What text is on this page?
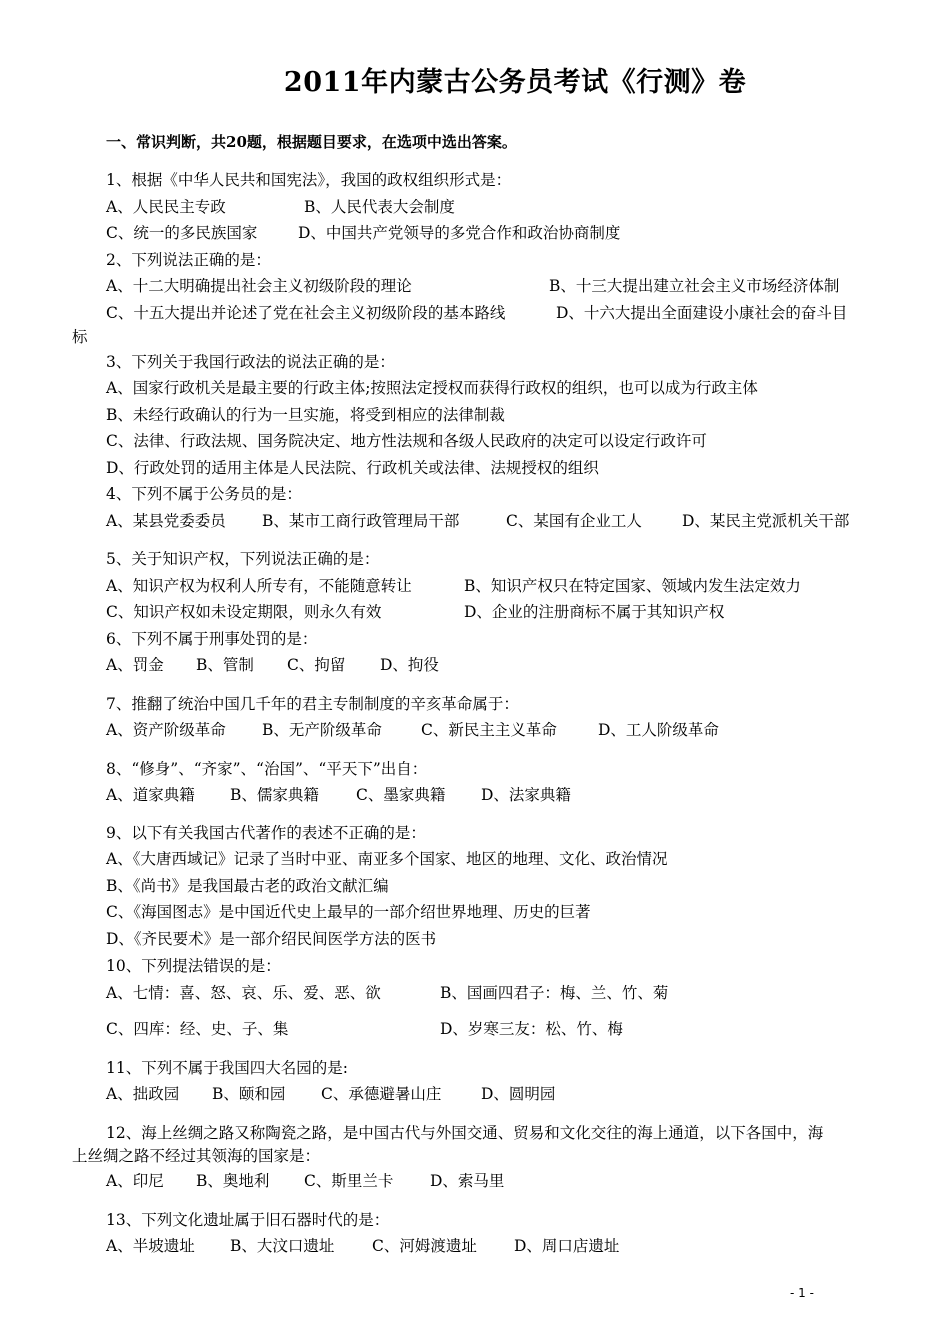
2011年内蒙古公务员考试《行测》卷
一、常识判断，共20题，根据题目要求，在选项中选出答案。
1、根据《中华人民共和国宪法》，我国的政权组织形式是：
A、人民民主专政	B、人民代表大会制度
C、统一的多民族国家	D、中国共产党领导的多党合作和政治协商制度
2、下列说法正确的是：
A、十二大明确提出社会主义初级阶段的理论	B、十三大提出建立社会主义市场经济体制
C、十五大提出并论述了党在社会主义初级阶段的基本路线	D、十六大提出全面建设小康社会的奋斗目
标
3、下列关于我国行政法的说法正确的是：
A、国家行政机关是最主要的行政主体;按照法定授权而获得行政权的组织，也可以成为行政主体
B、未经行政确认的行为一旦实施，将受到相应的法律制裁
C、法律、行政法规、国务院决定、地方性法规和各级人民政府的决定可以设定行政许可
D、行政处罚的适用主体是人民法院、行政机关或法律、法规授权的组织
4、下列不属于公务员的是：
A、某县党委委员 B、某市工商行政管理局干部	C、某国有企业工人	D、某民主党派机关干部
5、关于知识产权，下列说法正确的是：
A、知识产权为权利人所专有，不能随意转让	B、知识产权只在特定国家、领域内发生法定效力
C、知识产权如未设定期限，则永久有效	D、企业的注册商标不属于其知识产权
6、下列不属于刑事处罚的是：
A、罚金 B、管制 C、拘留 D、拘役
7、推翻了统治中国几千年的君主专制制度的辛亥革命属于：
A、资产阶级革命 B、无产阶级革命	C、新民主主义革命	D、工人阶级革命
8、“修身”、“齐家”、“治国”、“平天下”出自：
A、道家典籍 B、儒家典籍 C、墨家典籍 D、法家典籍
9、以下有关我国古代著作的表述不正确的是：
A、《大唐西域记》记录了当时中亚、南亚多个国家、地区的地理、文化、政治情况
B、《尚书》是我国最古老的政治文献汇编
C、《海国图志》是中国近代史上最早的一部介绍世界地理、历史的巨著
D、《齐民要术》是一部介绍民间医学方法的医书
10、下列提法错误的是：
A、七情：喜、怒、哀、乐、爱、恶、欲	B、国画四君子：梅、兰、竹、菊
C、四库：经、史、子、集	D、岁寒三友：松、竹、梅
11、下列不属于我国四大名园的是:
A、拙政园 B、颐和园 C、承德避暑山庄	D、圆明园
12、海上丝绸之路又称陶瓷之路，是中国古代与外国交通、贸易和文化交往的海上通道，以下各国中，海
上丝绸之路不经过其领海的国家是：
A、印尼 B、奥地利 C、斯里兰卡 D、索马里
13、下列文化遗址属于旧石器时代的是：
A、半坡遗址 B、大汶口遗址 C、河姆渡遗址 D、周口店遗址
- 1 -
